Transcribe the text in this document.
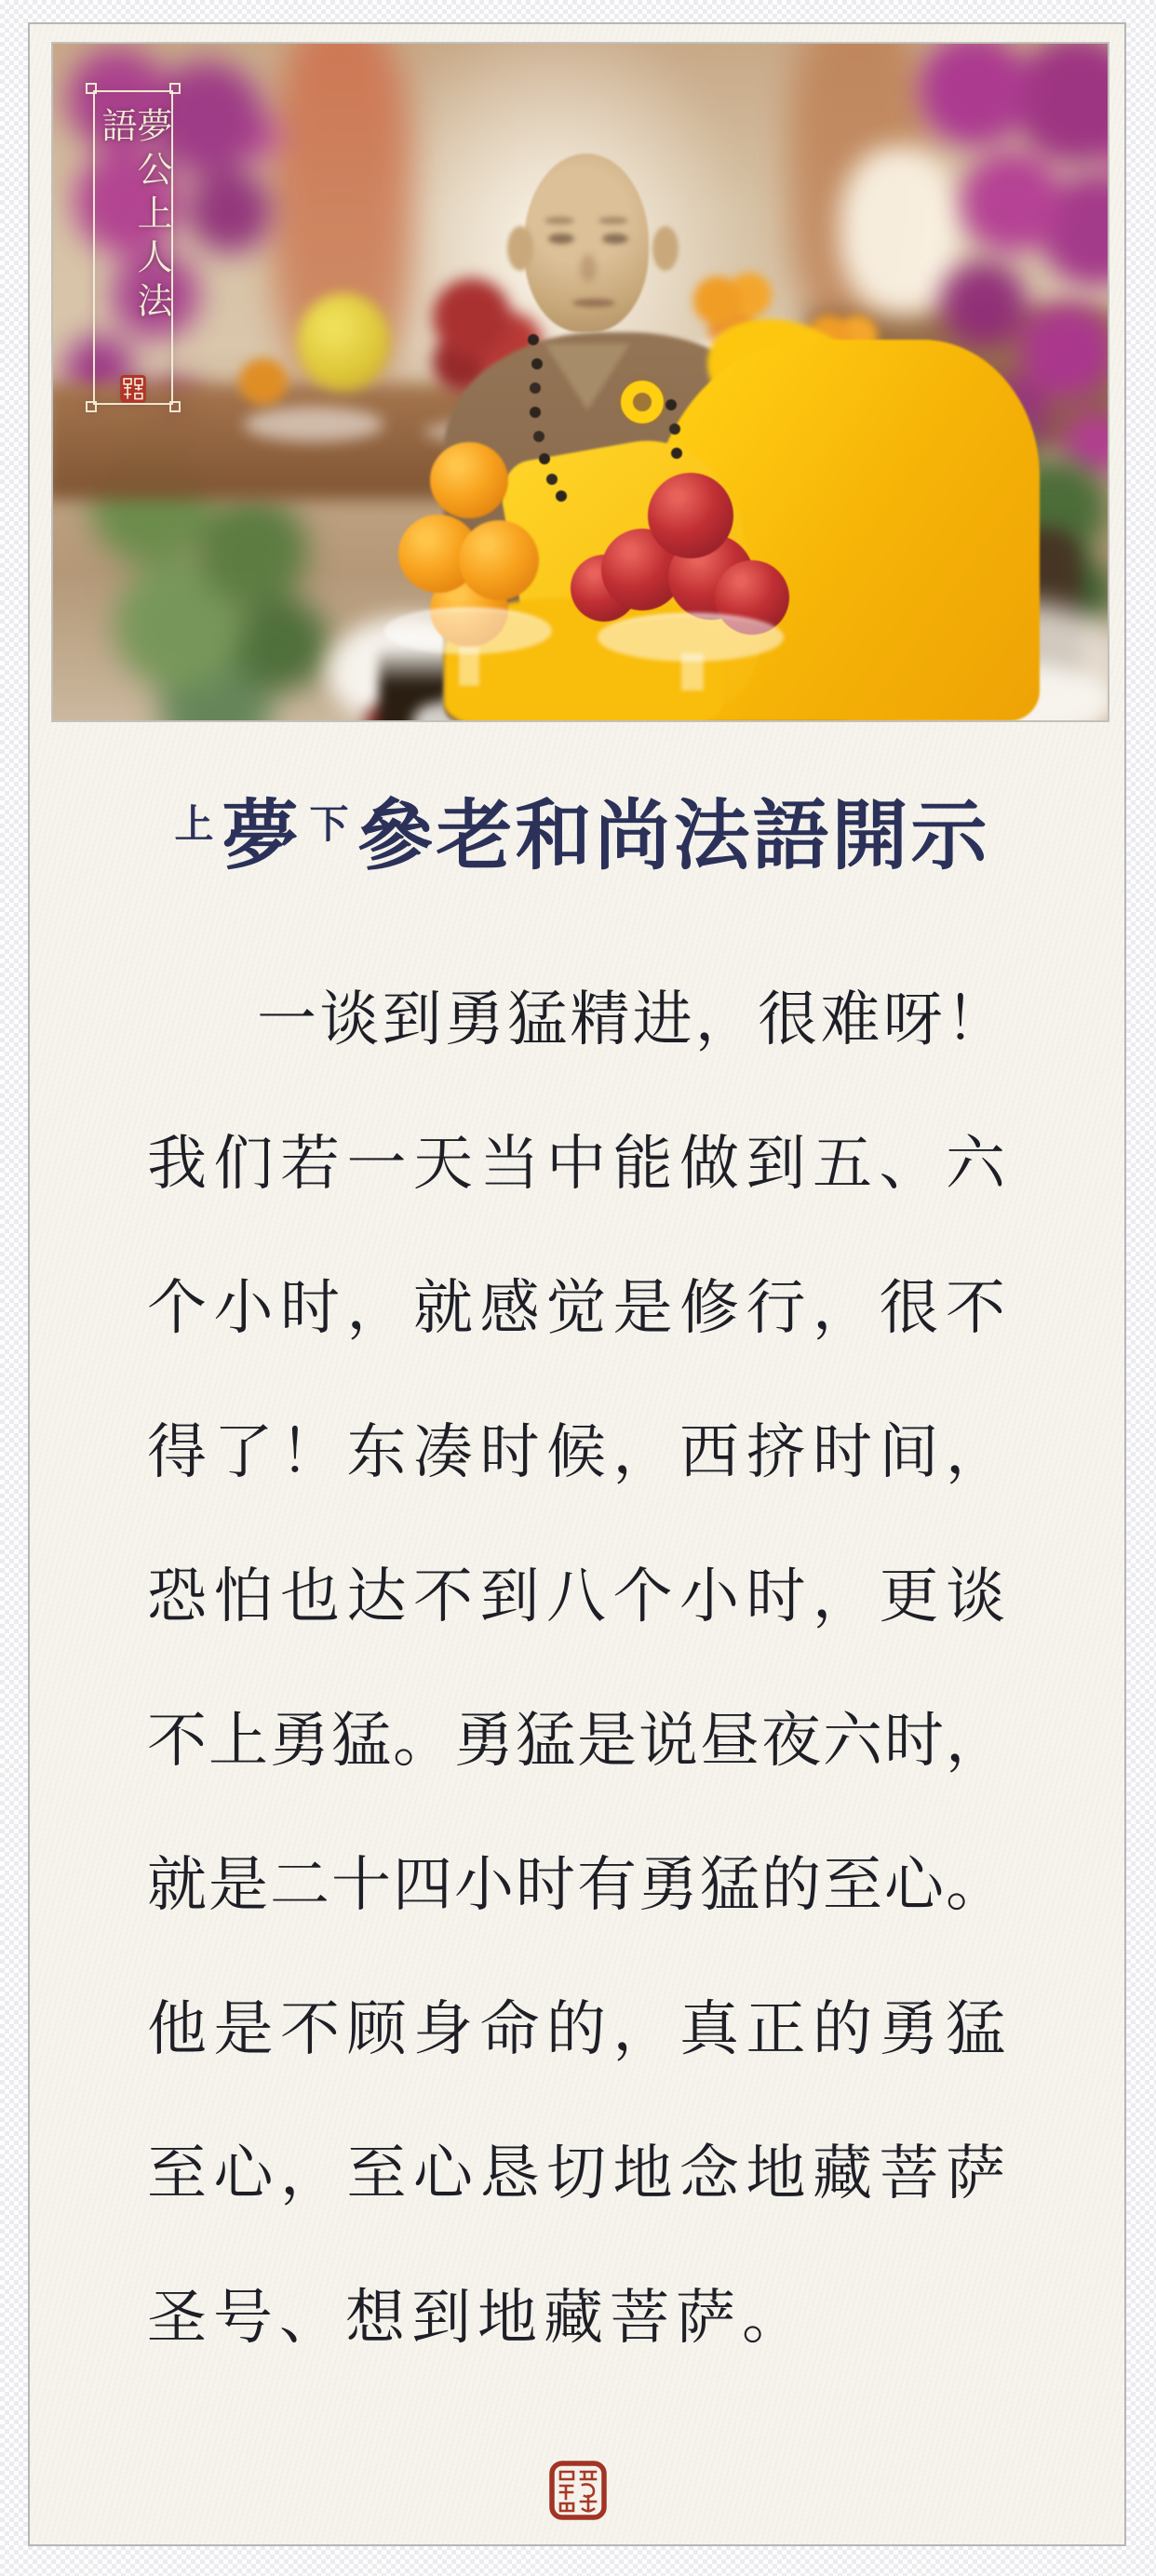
夢公上人法語
$^上$ 夢 $^下$ 參老和尚法語開示
一谈到勇猛精进，很难呀！
我们若一天当中能做到五、六
个小时，就感觉是修行，很不
得了！东凑时候，西挤时间，
恐怕也达不到八个小时，更谈
不上勇猛。勇猛是说昼夜六时，
就是二十四小时有勇猛的至心。
他是不顾身命的，真正的勇猛
至心，至心恳切地念地藏菩萨
圣号、想到地藏菩萨。
